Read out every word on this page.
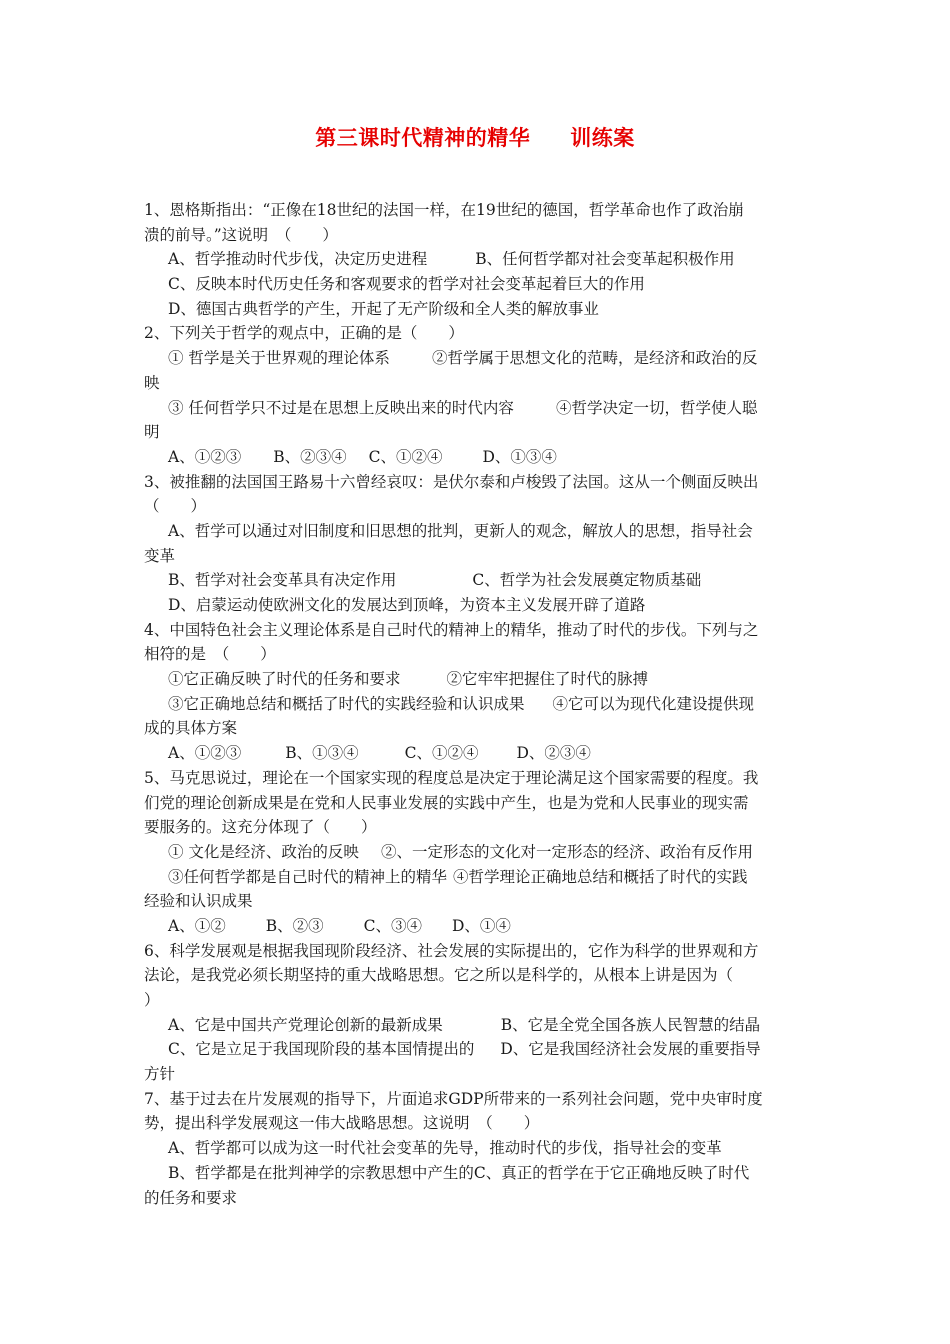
第三课时代精神的精华 训练案
1、恩格斯指出：“正像在18世纪的法国一样，在19世纪的德国，哲学革命也作了政治崩
溃的前导。”这说明　（　　）
A、哲学推动时代步伐，决定历史进程	B、任何哲学都对社会变革起积极作用
C、反映本时代历史任务和客观要求的哲学对社会变革起着巨大的作用
D、德国古典哲学的产生，开起了无产阶级和全人类的解放事业
2、下列关于哲学的观点中，正确的是（　　）
① 哲学是关于世界观的理论体系	②哲学属于思想文化的范畴，是经济和政治的反
映
③ 任何哲学只不过是在思想上反映出来的时代内容	④哲学决定一切，哲学使人聪
明
A、①②③ B、②③④ C、①②④	D、①③④
3、被推翻的法国国王路易十六曾经哀叹：是伏尔泰和卢梭毁了法国。这从一个侧面反映出
（　　）
A、哲学可以通过对旧制度和旧思想的批判，更新人的观念，解放人的思想，指导社会
变革
B、哲学对社会变革具有决定作用	C、哲学为社会发展奠定物质基础
D、启蒙运动使欧洲文化的发展达到顶峰，为资本主义发展开辟了道路
4、中国特色社会主义理论体系是自己时代的精神上的精华，推动了时代的步伐。下列与之
相符的是　（　　）
①它正确反映了时代的任务和要求	②它牢牢把握住了时代的脉搏
③它正确地总结和概括了时代的实践经验和认识成果 ④它可以为现代化建设提供现
成的具体方案
A、①②③	B、①③④	C、①②④ D、②③④
5、马克思说过，理论在一个国家实现的程度总是决定于理论满足这个国家需要的程度。我
们党的理论创新成果是在党和人民事业发展的实践中产生，也是为党和人民事业的现实需
要服务的。这充分体现了（　　）
① 文化是经济、政治的反映 ②、一定形态的文化对一定形态的经济、政治有反作用
③任何哲学都是自己时代的精神上的精华 ④哲学理论正确地总结和概括了时代的实践
经验和认识成果
A、①②	B、②③	C、③④ D、①④
6、科学发展观是根据我国现阶段经济、社会发展的实际提出的，它作为科学的世界观和方
法论，是我党必须长期坚持的重大战略思想。它之所以是科学的，从根本上讲是因为（
）
A、它是中国共产党理论创新的最新成果	B、它是全党全国各族人民智慧的结晶
C、它是立足于我国现阶段的基本国情提出的 D、它是我国经济社会发展的重要指导
方针
7、基于过去在片发展观的指导下，片面追求GDP所带来的一系列社会问题，党中央审时度
势，提出科学发展观这一伟大战略思想。这说明　（　　）
A、哲学都可以成为这一时代社会变革的先导，推动时代的步伐，指导社会的变革
B、哲学都是在批判神学的宗教思想中产生的C、真正的哲学在于它正确地反映了时代
的任务和要求
